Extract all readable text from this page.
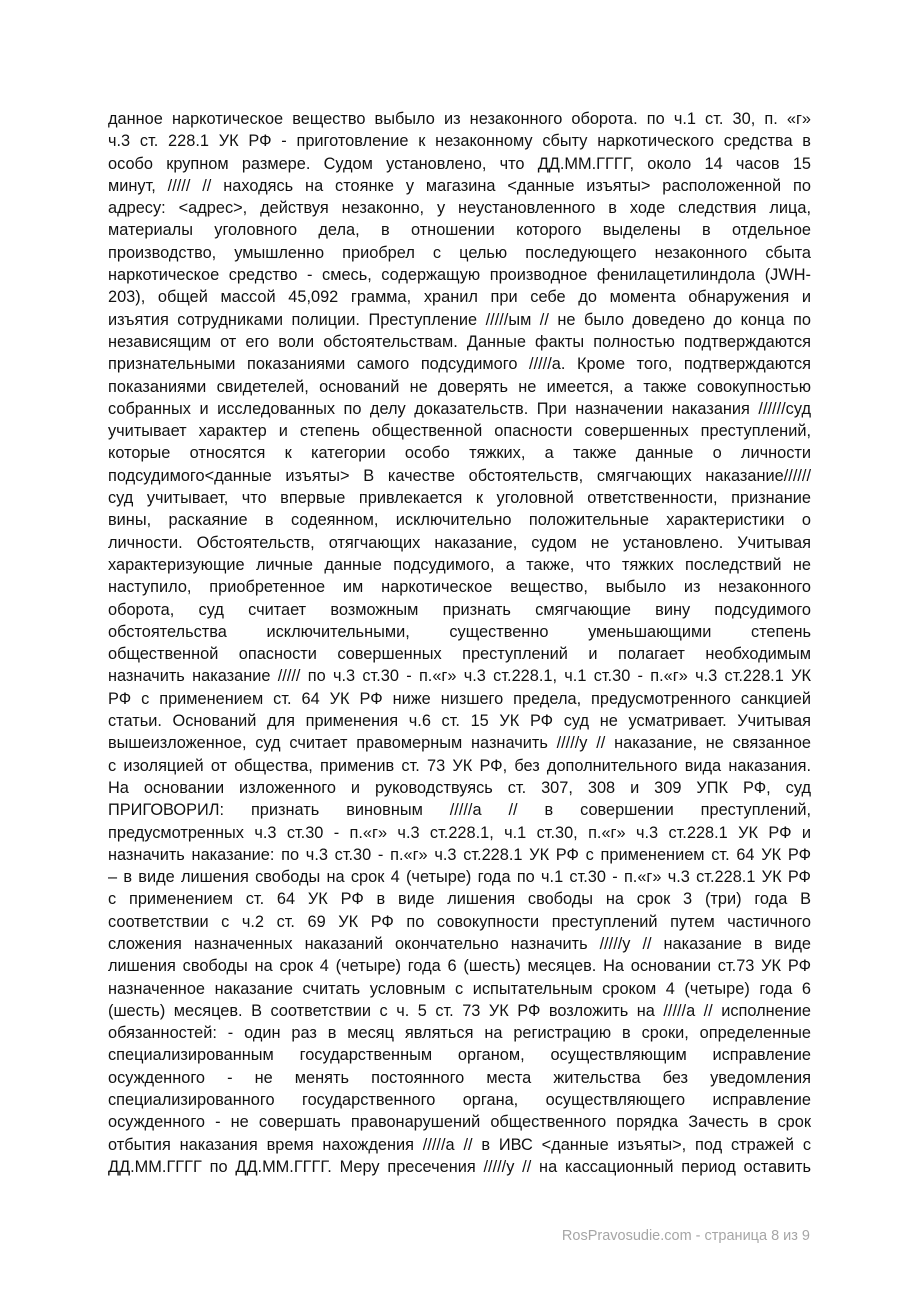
данное наркотическое вещество выбыло из незаконного оборота. по ч.1 ст. 30, п. «г»
ч.3 ст. 228.1 УК РФ - приготовление к незаконному сбыту наркотического средства в
особо крупном размере. Судом установлено, что ДД.ММ.ГГГГ, около 14 часов 15
минут, ///// // находясь на стоянке у магазина <данные изъяты> расположенной по
адресу: <адрес>, действуя незаконно, у неустановленного в ходе следствия лица,
материалы уголовного дела, в отношении которого выделены в отдельное
производство, умышленно приобрел с целью последующего незаконного сбыта
наркотическое средство - смесь, содержащую производное фенилацетилиндола (JWH-
203), общей массой 45,092 грамма, хранил при себе до момента обнаружения и
изъятия сотрудниками полиции. Преступление /////ым // не было доведено до конца по
независящим от его воли обстоятельствам. Данные факты полностью подтверждаются
признательными показаниями самого подсудимого /////а. Кроме того, подтверждаются
показаниями свидетелей, оснований не доверять не имеется, а также совокупностью
собранных и исследованных по делу доказательств. При назначении наказания //////суд
учитывает характер и степень общественной опасности совершенных преступлений,
которые относятся к категории особо тяжких, а также данные о личности
подсудимого<данные изъяты> В качестве обстоятельств, смягчающих наказание//////
суд учитывает, что впервые привлекается к уголовной ответственности, признание
вины, раскаяние в содеянном, исключительно положительные характеристики о
личности. Обстоятельств, отягчающих наказание, судом не установлено. Учитывая
характеризующие личные данные подсудимого, а также, что тяжких последствий не
наступило, приобретенное им наркотическое вещество, выбыло из незаконного
оборота, суд считает возможным признать смягчающие вину подсудимого
обстоятельства исключительными, существенно уменьшающими степень
общественной опасности совершенных преступлений и полагает необходимым
назначить наказание ///// по ч.3 ст.30 - п.«г» ч.3 ст.228.1, ч.1 ст.30 - п.«г» ч.3 ст.228.1 УК
РФ с применением ст. 64 УК РФ ниже низшего предела, предусмотренного санкцией
статьи. Оснований для применения ч.6 ст. 15 УК РФ суд не усматривает. Учитывая
вышеизложенное, суд считает правомерным назначить /////у // наказание, не связанное
с изоляцией от общества, применив ст. 73 УК РФ, без дополнительного вида наказания.
На основании изложенного и руководствуясь ст. 307, 308 и 309 УПК РФ, суд
ПРИГОВОРИЛ: признать виновным /////а // в совершении преступлений,
предусмотренных ч.3 ст.30 - п.«г» ч.3 ст.228.1, ч.1 ст.30, п.«г» ч.3 ст.228.1 УК РФ и
назначить наказание: по ч.3 ст.30 - п.«г» ч.3 ст.228.1 УК РФ с применением ст. 64 УК РФ
– в виде лишения свободы на срок 4 (четыре) года по ч.1 ст.30 - п.«г» ч.3 ст.228.1 УК РФ
с применением ст. 64 УК РФ в виде лишения свободы на срок 3 (три) года В
соответствии с ч.2 ст. 69 УК РФ по совокупности преступлений путем частичного
сложения назначенных наказаний окончательно назначить /////у // наказание в виде
лишения свободы на срок 4 (четыре) года 6 (шесть) месяцев. На основании ст.73 УК РФ
назначенное наказание считать условным с испытательным сроком 4 (четыре) года 6
(шесть) месяцев. В соответствии с ч. 5 ст. 73 УК РФ возложить на /////а // исполнение
обязанностей: - один раз в месяц являться на регистрацию в сроки, определенные
специализированным государственным органом, осуществляющим исправление
осужденного - не менять постоянного места жительства без уведомления
специализированного государственного органа, осуществляющего исправление
осужденного - не совершать правонарушений общественного порядка Зачесть в срок
отбытия наказания время нахождения /////а // в ИВС <данные изъяты>, под стражей с
ДД.ММ.ГГГГ по ДД.ММ.ГГГГ. Меру пресечения /////у // на кассационный период оставить
RosPravosudie.com - страница 8 из 9
